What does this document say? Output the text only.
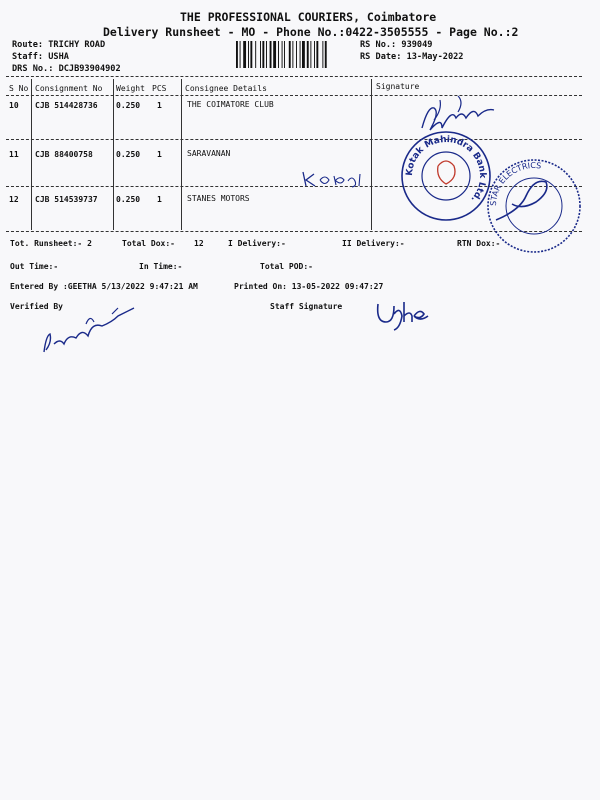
THE PROFESSIONAL COURIERS, Coimbatore
Delivery Runsheet - MO - Phone No.:0422-3505555 - Page No.:2
Route: TRICHY ROAD
Staff: USHA
DRS No.: DCJB93904902
RS No.: 939049
RS Date: 13-May-2022
S No Consignment No Weight PCS Consignee Details	Signature
10 CJB 514428736 0.250 1	THE COIMATORE CLUB
11 CJB 88400758	0.250 1	SARAVANAN
12 CJB 514539737 0.250 1	STANES MOTORS
Kotak Mahindra Bank Ltd.	STAR ELECTRICS
Tot. Runsheet:- 2	Total Dox:- 12	I Delivery:-	II Delivery:-	RTN Dox:-
Out Time:-	In Time:-	Total POD:-
Entered By :GEETHA 5/13/2022 9:47:21 AM	Printed On: 13-05-2022 09:47:27
Verified By	Staff Signature
